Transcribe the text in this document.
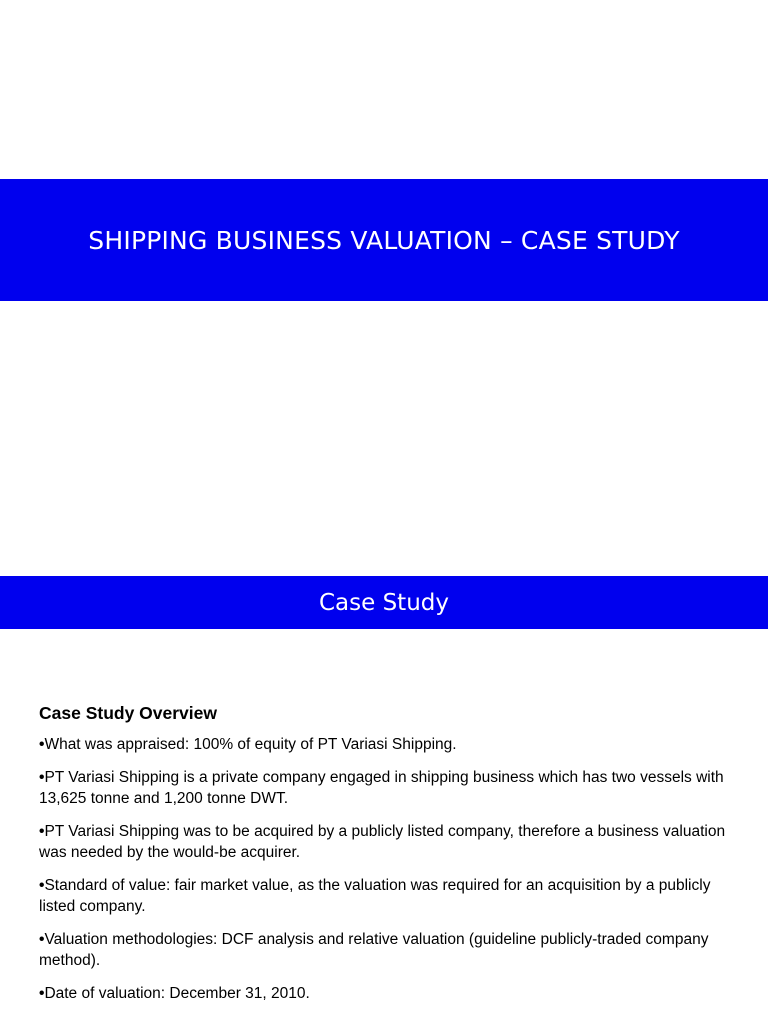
SHIPPING BUSINESS VALUATION – CASE STUDY
Case Study
Case Study Overview
•What was appraised: 100% of equity of PT Variasi Shipping.
•PT Variasi Shipping is a private company engaged in shipping business which has two vessels with 13,625 tonne and 1,200 tonne DWT.
•PT Variasi Shipping was to be acquired by a publicly listed company, therefore a business valuation was needed by the would-be acquirer.
•Standard of value: fair market value, as the valuation was required for an acquisition by a publicly listed company.
•Valuation methodologies: DCF analysis and relative valuation (guideline publicly-traded company method).
•Date of valuation: December 31, 2010.
